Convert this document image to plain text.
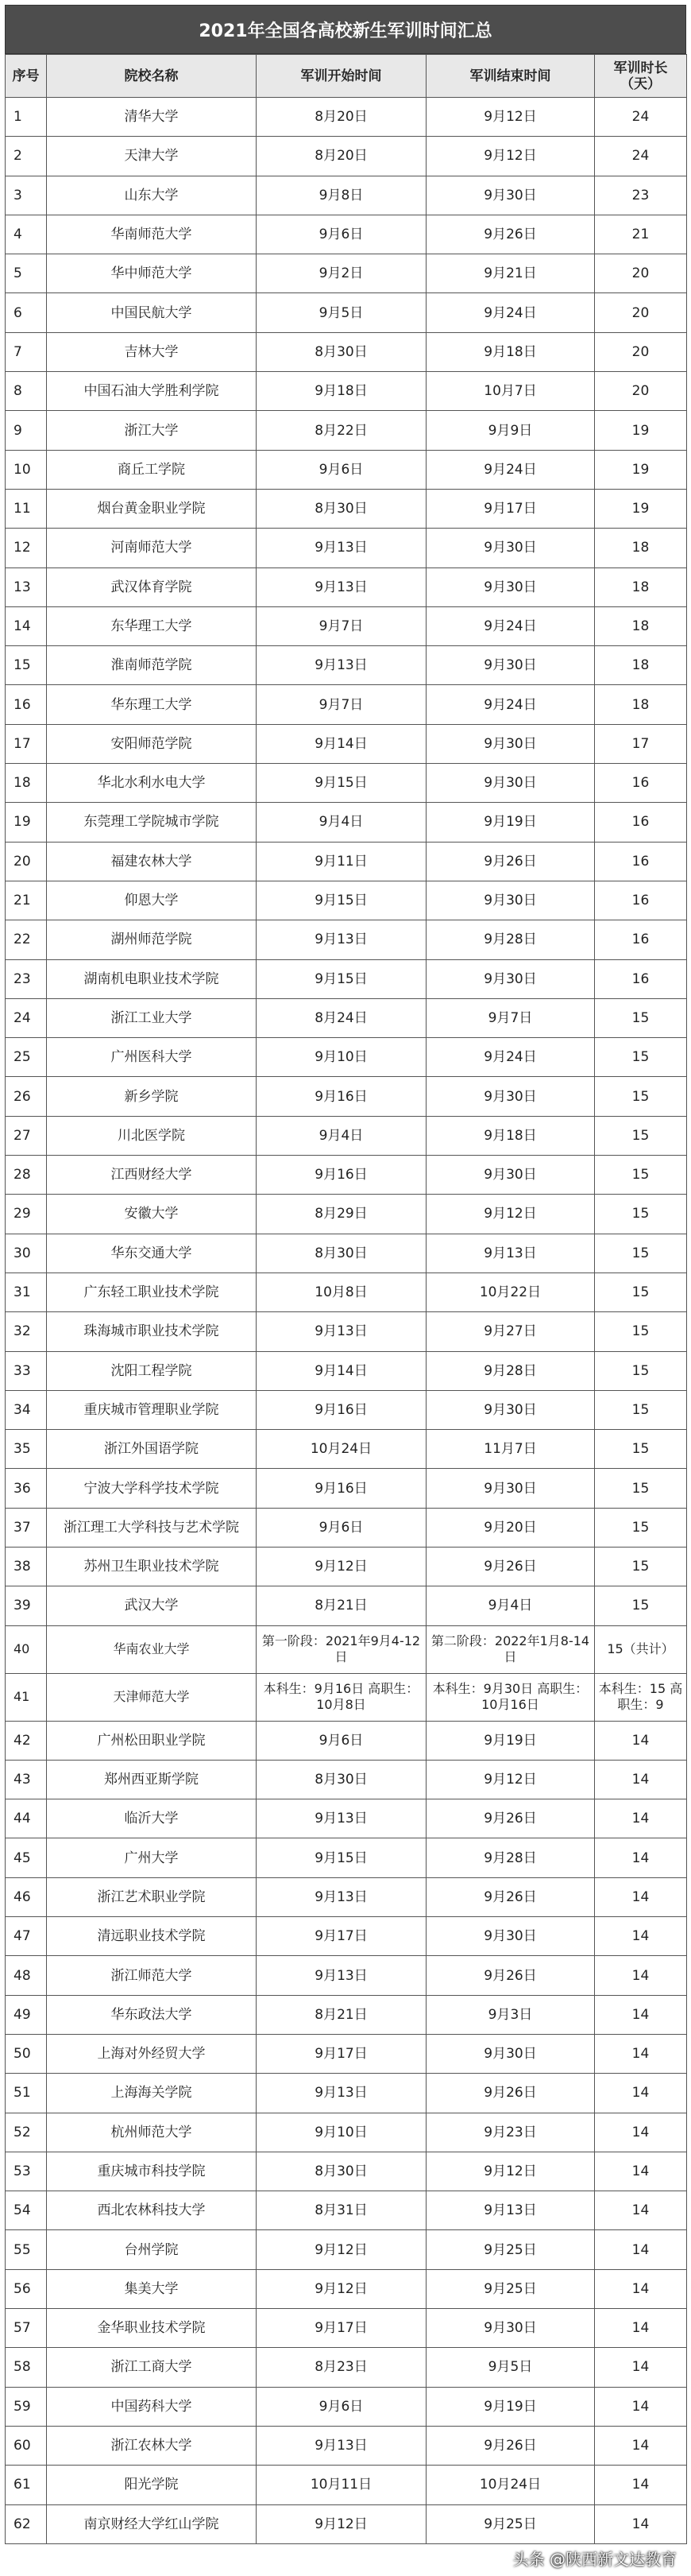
2021年全国各高校新生军训时间汇总
序号	院校名称	军训开始时间	军训结束时间	军训时长（天）
1	清华大学	8月20日	9月12日	24
2	天津大学	8月20日	9月12日	24
3	山东大学	9月8日	9月30日	23
4	华南师范大学	9月6日	9月26日	21
5	华中师范大学	9月2日	9月21日	20
6	中国民航大学	9月5日	9月24日	20
7	吉林大学	8月30日	9月18日	20
8	中国石油大学胜利学院	9月18日	10月7日	20
9	浙江大学	8月22日	9月9日	19
10	商丘工学院	9月6日	9月24日	19
11	烟台黄金职业学院	8月30日	9月17日	19
12	河南师范大学	9月13日	9月30日	18
13	武汉体育学院	9月13日	9月30日	18
14	东华理工大学	9月7日	9月24日	18
15	淮南师范学院	9月13日	9月30日	18
16	华东理工大学	9月7日	9月24日	18
17	安阳师范学院	9月14日	9月30日	17
18	华北水利水电大学	9月15日	9月30日	16
19	东莞理工学院城市学院	9月4日	9月19日	16
20	福建农林大学	9月11日	9月26日	16
21	仰恩大学	9月15日	9月30日	16
22	湖州师范学院	9月13日	9月28日	16
23	湖南机电职业技术学院	9月15日	9月30日	16
24	浙江工业大学	8月24日	9月7日	15
25	广州医科大学	9月10日	9月24日	15
26	新乡学院	9月16日	9月30日	15
27	川北医学院	9月4日	9月18日	15
28	江西财经大学	9月16日	9月30日	15
29	安徽大学	8月29日	9月12日	15
30	华东交通大学	8月30日	9月13日	15
31	广东轻工职业技术学院	10月8日	10月22日	15
32	珠海城市职业技术学院	9月13日	9月27日	15
33	沈阳工程学院	9月14日	9月28日	15
34	重庆城市管理职业学院	9月16日	9月30日	15
35	浙江外国语学院	10月24日	11月7日	15
36	宁波大学科学技术学院	9月16日	9月30日	15
37	浙江理工大学科技与艺术学院	9月6日	9月20日	15
38	苏州卫生职业技术学院	9月12日	9月26日	15
39	武汉大学	8月21日	9月4日	15
40	华南农业大学	第一阶段：2021年9月4-12日	第二阶段：2022年1月8-14日	15（共计）
41	天津师范大学	本科生：9月16日 高职生：10月8日	本科生：9月30日 高职生：10月16日	本科生：15 高职生：9
42	广州松田职业学院	9月6日	9月19日	14
43	郑州西亚斯学院	8月30日	9月12日	14
44	临沂大学	9月13日	9月26日	14
45	广州大学	9月15日	9月28日	14
46	浙江艺术职业学院	9月13日	9月26日	14
47	清远职业技术学院	9月17日	9月30日	14
48	浙江师范大学	9月13日	9月26日	14
49	华东政法大学	8月21日	9月3日	14
50	上海对外经贸大学	9月17日	9月30日	14
51	上海海关学院	9月13日	9月26日	14
52	杭州师范大学	9月10日	9月23日	14
53	重庆城市科技学院	8月30日	9月12日	14
54	西北农林科技大学	8月31日	9月13日	14
55	台州学院	9月12日	9月25日	14
56	集美大学	9月12日	9月25日	14
57	金华职业技术学院	9月17日	9月30日	14
58	浙江工商大学	8月23日	9月5日	14
59	中国药科大学	9月6日	9月19日	14
60	浙江农林大学	9月13日	9月26日	14
61	阳光学院	10月11日	10月24日	14
62	南京财经大学红山学院	9月12日	9月25日	14
头条 @陕西新文达教育
